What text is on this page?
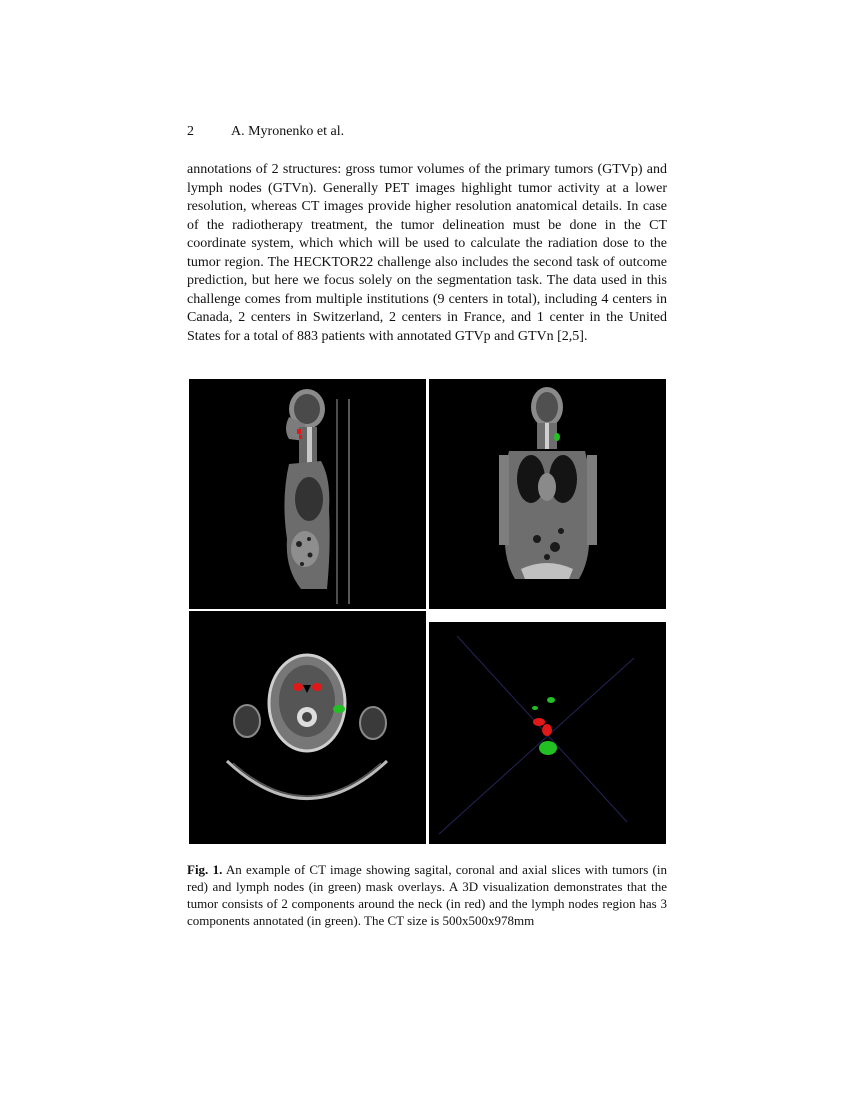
2	A. Myronenko et al.
annotations of 2 structures: gross tumor volumes of the primary tumors (GTVp) and lymph nodes (GTVn). Generally PET images highlight tumor activity at a lower resolution, whereas CT images provide higher resolution anatomical details. In case of the radiotherapy treatment, the tumor delineation must be done in the CT coordinate system, which which will be used to calculate the radiation dose to the tumor region. The HECKTOR22 challenge also includes the second task of outcome prediction, but here we focus solely on the segmentation task. The data used in this challenge comes from multiple institutions (9 centers in total), including 4 centers in Canada, 2 centers in Switzerland, 2 centers in France, and 1 center in the United States for a total of 883 patients with annotated GTVp and GTVn [2,5].
Fig. 1. An example of CT image showing sagital, coronal and axial slices with tumors (in red) and lymph nodes (in green) mask overlays. A 3D visualization demonstrates that the tumor consists of 2 components around the neck (in red) and the lymph nodes region has 3 components annotated (in green). The CT size is 500x500x978mm
